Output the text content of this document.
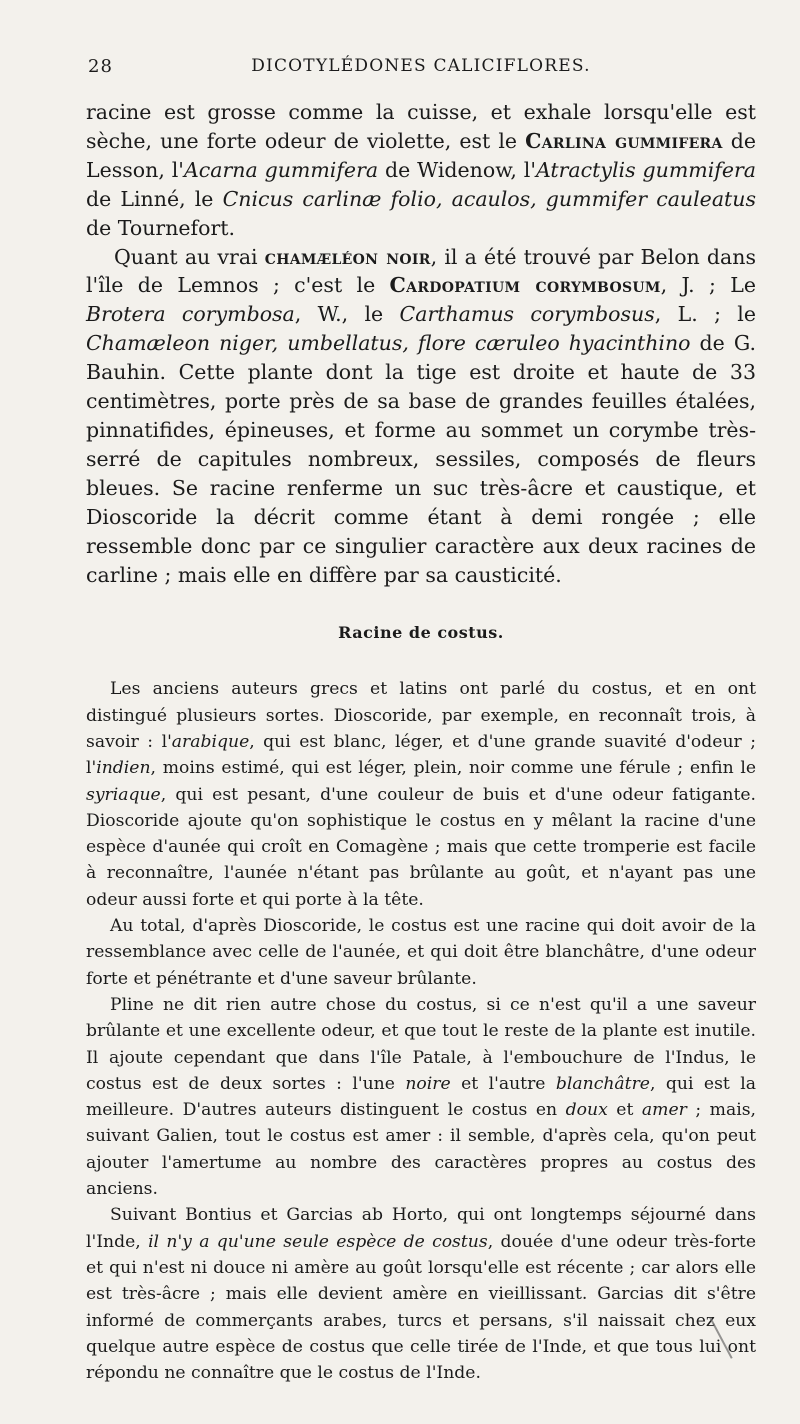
28	DICOTYLÉDONES CALICIFLORES.

racine est grosse comme la cuisse, et exhale lorsqu'elle est sèche, une forte odeur de violette, est le Carlina gummifera de Lesson, l'Acarna gummifera de Widenow, l'Atractylis gummifera de Linné, le Cnicus carlinæ folio, acaulos, gummifer cauleatus de Tournefort.

Quant au vrai chamæléon noir, il a été trouvé par Belon dans l'île de Lemnos ; c'est le Cardopatium corymbosum, J. ; Le Brotera corymbosa, W., le Carthamus corymbosus, L. ; le Chamæleon niger, umbellatus, flore cæruleo hyacinthino de G. Bauhin. Cette plante dont la tige est droite et haute de 33 centimètres, porte près de sa base de grandes feuilles étalées, pinnatifides, épineuses, et forme au sommet un corymbe très-serré de capitules nombreux, sessiles, composés de fleurs bleues. Se racine renferme un suc très-âcre et caustique, et Dioscoride la décrit comme étant à demi rongée ; elle ressemble donc par ce singulier caractère aux deux racines de carline ; mais elle en diffère par sa causticité.

Racine de costus.

Les anciens auteurs grecs et latins ont parlé du costus, et en ont distingué plusieurs sortes. Dioscoride, par exemple, en reconnaît trois, à savoir : l'arabique, qui est blanc, léger, et d'une grande suavité d'odeur ; l'indien, moins estimé, qui est léger, plein, noir comme une férule ; enfin le syriaque, qui est pesant, d'une couleur de buis et d'une odeur fatigante. Dioscoride ajoute qu'on sophistique le costus en y mêlant la racine d'une espèce d'aunée qui croît en Comagène ; mais que cette tromperie est facile à reconnaître, l'aunée n'étant pas brûlante au goût, et n'ayant pas une odeur aussi forte et qui porte à la tête.

Au total, d'après Dioscoride, le costus est une racine qui doit avoir de la ressemblance avec celle de l'aunée, et qui doit être blanchâtre, d'une odeur forte et pénétrante et d'une saveur brûlante.

Pline ne dit rien autre chose du costus, si ce n'est qu'il a une saveur brûlante et une excellente odeur, et que tout le reste de la plante est inutile. Il ajoute cependant que dans l'île Patale, à l'embouchure de l'Indus, le costus est de deux sortes : l'une noire et l'autre blanchâtre, qui est la meilleure. D'autres auteurs distinguent le costus en doux et amer ; mais, suivant Galien, tout le costus est amer : il semble, d'après cela, qu'on peut ajouter l'amertume au nombre des caractères propres au costus des anciens.

Suivant Bontius et Garcias ab Horto, qui ont longtemps séjourné dans l'Inde, il n'y a qu'une seule espèce de costus, douée d'une odeur très-forte et qui n'est ni douce ni amère au goût lorsqu'elle est récente ; car alors elle est très-âcre ; mais elle devient amère en vieillissant. Garcias dit s'être informé de commerçants arabes, turcs et persans, s'il naissait chez eux quelque autre espèce de costus que celle tirée de l'Inde, et que tous lui ont répondu ne connaître que le costus de l'Inde.
